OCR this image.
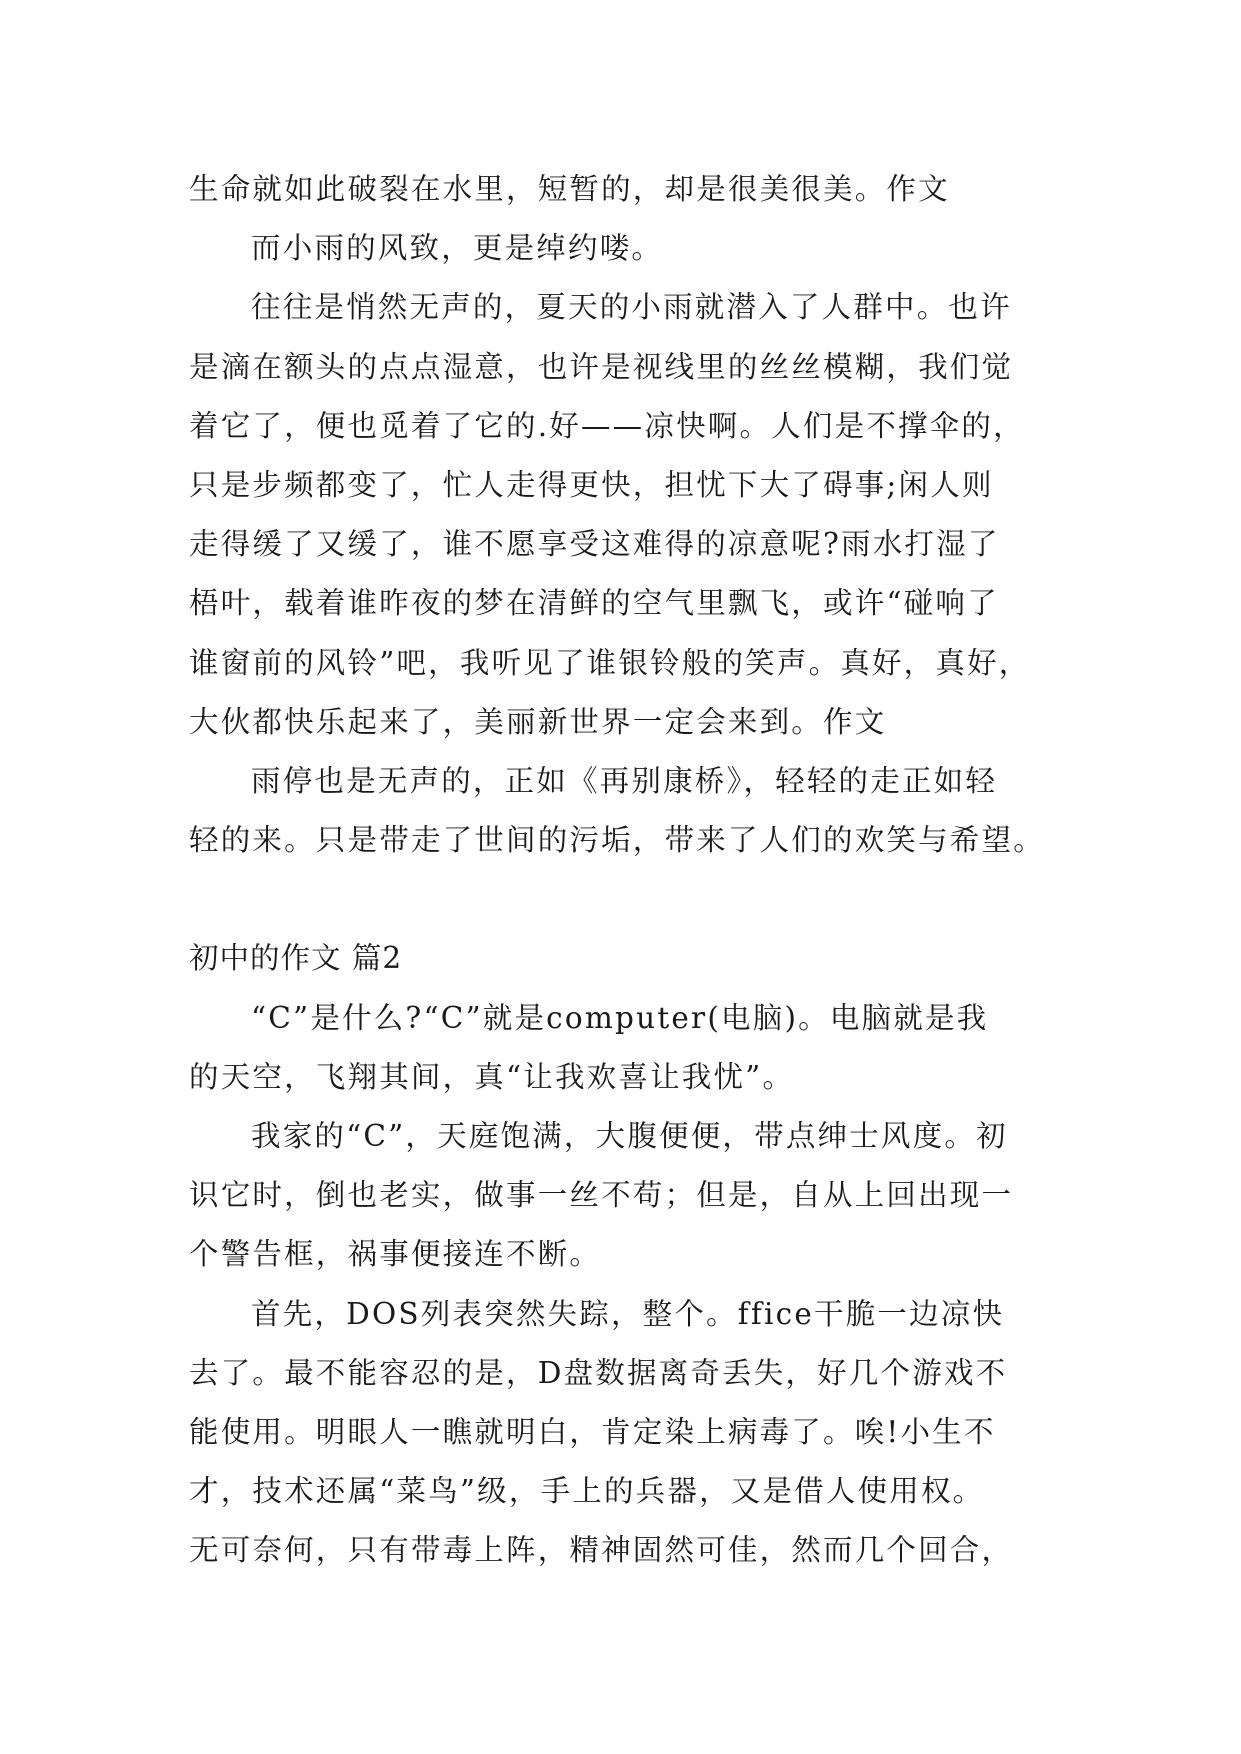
生命就如此破裂在水里，短暂的，却是很美很美。作文
而小雨的风致，更是绰约喽。
往往是悄然无声的，夏天的小雨就潜入了人群中。也许
是滴在额头的点点湿意，也许是视线里的丝丝模糊，我们觉
着它了，便也觅着了它的.好——凉快啊。人们是不撑伞的，
只是步频都变了，忙人走得更快，担忧下大了碍事;闲人则
走得缓了又缓了，谁不愿享受这难得的凉意呢?雨水打湿了
梧叶，载着谁昨夜的梦在清鲜的空气里飘飞，或许“碰响了
谁窗前的风铃”吧，我听见了谁银铃般的笑声。真好，真好，
大伙都快乐起来了，美丽新世界一定会来到。作文
雨停也是无声的，正如《再别康桥》，轻轻的走正如轻
轻的来。只是带走了世间的污垢，带来了人们的欢笑与希望。
初中的作文 篇2
“C”是什么?“C”就是computer(电脑)。电脑就是我
的天空，飞翔其间，真“让我欢喜让我忧”。
我家的“C”，天庭饱满，大腹便便，带点绅士风度。初
识它时，倒也老实，做事一丝不苟；但是，自从上回出现一
个警告框，祸事便接连不断。
首先，DOS列表突然失踪，整个。ffice干脆一边凉快
去了。最不能容忍的是，D盘数据离奇丢失，好几个游戏不
能使用。明眼人一瞧就明白，肯定染上病毒了。唉!小生不
才，技术还属“菜鸟”级，手上的兵器，又是借人使用权。
无可奈何，只有带毒上阵，精神固然可佳，然而几个回合，
